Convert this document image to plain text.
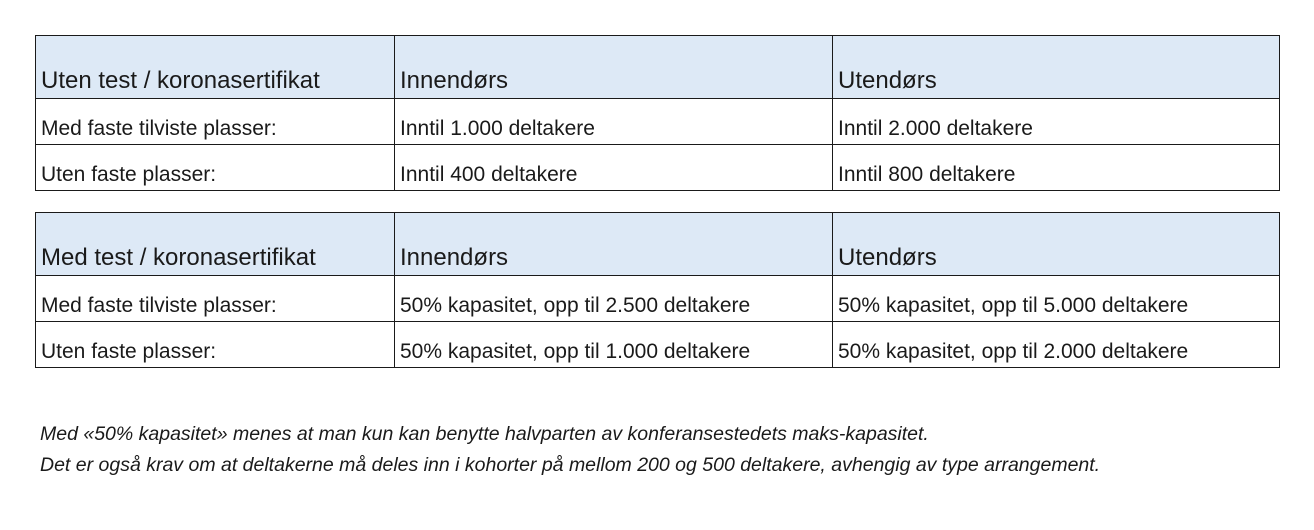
Uten test / koronasertifikat	Innendørs	Utendørs
Med faste tilviste plasser:	Inntil 1.000 deltakere	Inntil 2.000 deltakere
Uten faste plasser:	Inntil 400 deltakere	Inntil 800 deltakere
Med test / koronasertifikat	Innendørs	Utendørs
Med faste tilviste plasser:	50% kapasitet, opp til 2.500 deltakere	50% kapasitet, opp til 5.000 deltakere
Uten faste plasser:	50% kapasitet, opp til 1.000 deltakere	50% kapasitet, opp til 2.000 deltakere

Med «50% kapasitet» menes at man kun kan benytte halvparten av konferansestedets maks-kapasitet.

Det er også krav om at deltakerne må deles inn i kohorter på mellom 200 og 500 deltakere, avhengig av type arrangement.
